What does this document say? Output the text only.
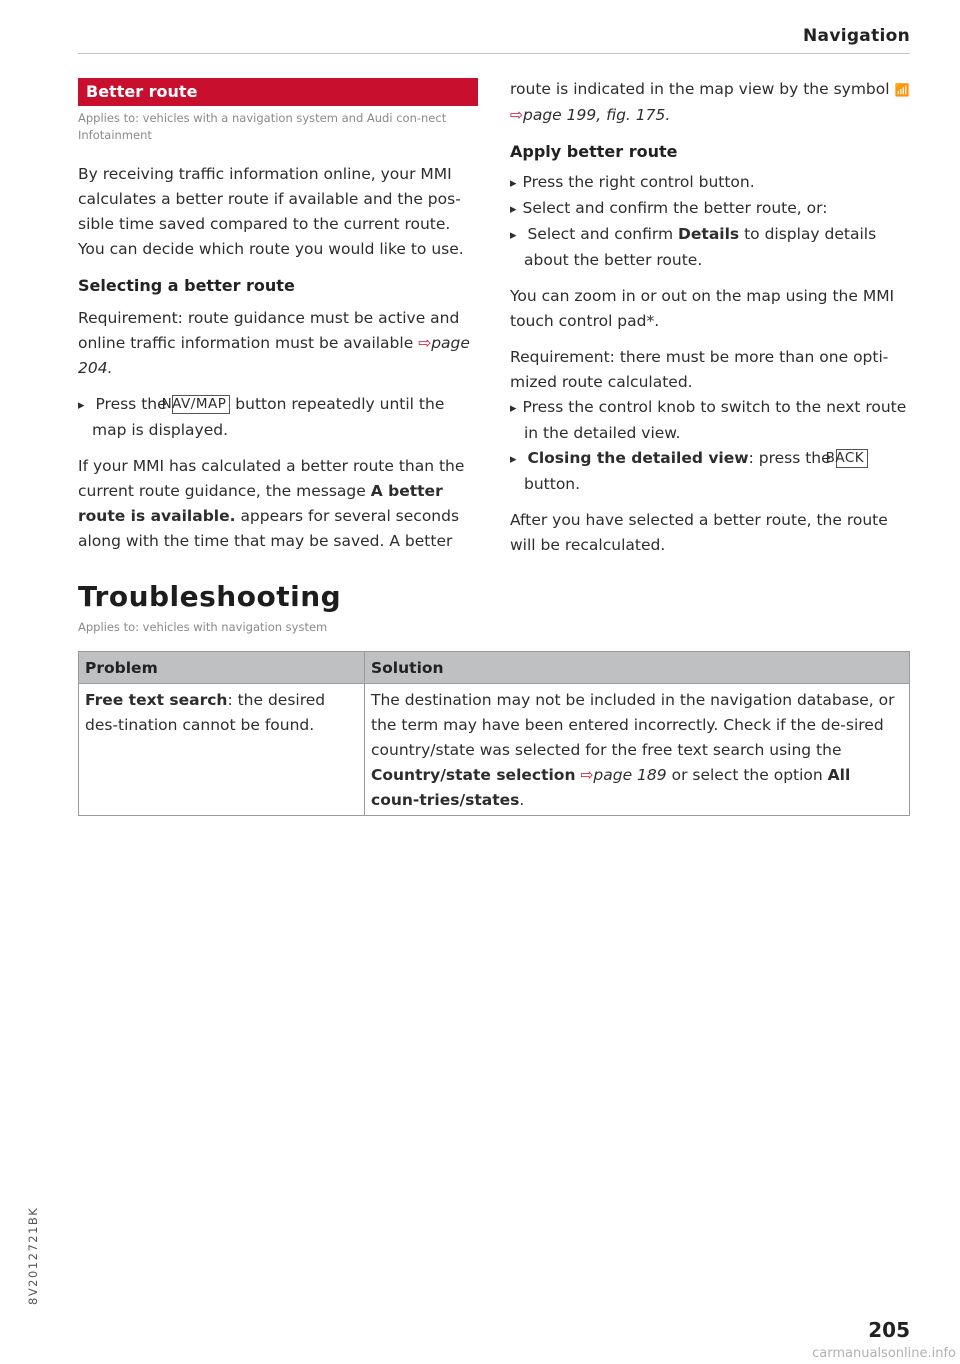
Navigation
Better route
Applies to: vehicles with a navigation system and Audi con-nect Infotainment

By receiving traffic information online, your MMI calculates a better route if available and the pos-sible time saved compared to the current route. You can decide which route you would like to use.

Selecting a better route

Requirement: route guidance must be active and online traffic information must be available ⇨page 204.

▸ Press the NAV/MAP button repeatedly until the map is displayed.

If your MMI has calculated a better route than the current route guidance, the message A better route is available. appears for several seconds along with the time that may be saved. A better

route is indicated in the map view by the symbol 📶 ⇨page 199, fig. 175.

Apply better route

▸ Press the right control button.

▸ Select and confirm the better route, or:

▸ Select and confirm Details to display details about the better route.

You can zoom in or out on the map using the MMI touch control pad*.

Requirement: there must be more than one opti-mized route calculated.

▸ Press the control knob to switch to the next route in the detailed view.

▸ Closing the detailed view: press the BACK button.

After you have selected a better route, the route will be recalculated.

Troubleshooting
Applies to: vehicles with navigation system
Problem	Solution
Free text search: the desired des-tination cannot be found.	The destination may not be included in the navigation database, or the term may have been entered incorrectly. Check if the de-sired country/state was selected for the free text search using the Country/state selection ⇨page 189 or select the option All coun-tries/states.
8V2012721BK
205
carmanualsonline.info
